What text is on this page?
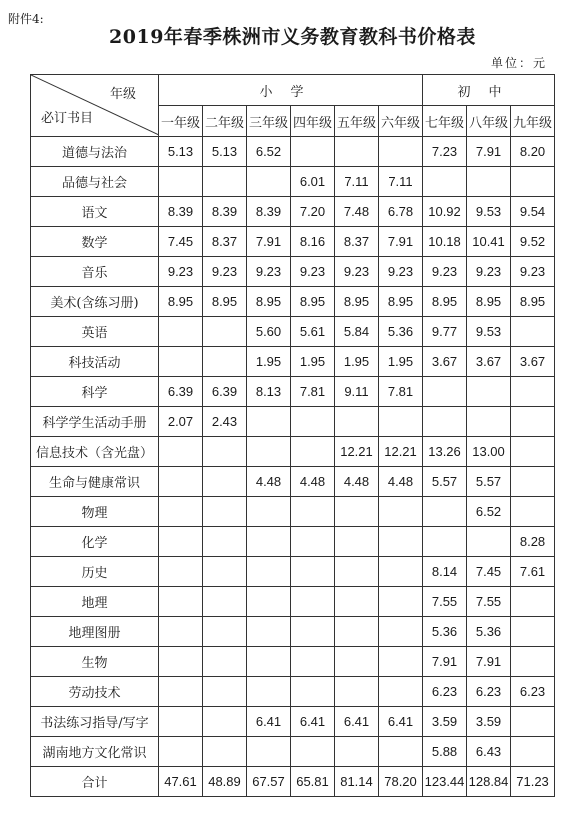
附件4:
2019年春季株洲市义务教育教科书价格表
单位：元
年级
必订书目	小学						初中		
	一年级	二年级	三年级	四年级	五年级	六年级	七年级	八年级	九年级
道德与法治	5.13	5.13	6.52				7.23	7.91	8.20
品德与社会				6.01	7.11	7.11			
语文	8.39	8.39	8.39	7.20	7.48	6.78	10.92	9.53	9.54
数学	7.45	8.37	7.91	8.16	8.37	7.91	10.18	10.41	9.52
音乐	9.23	9.23	9.23	9.23	9.23	9.23	9.23	9.23	9.23
美术(含练习册)	8.95	8.95	8.95	8.95	8.95	8.95	8.95	8.95	8.95
英语			5.60	5.61	5.84	5.36	9.77	9.53	
科技活动			1.95	1.95	1.95	1.95	3.67	3.67	3.67
科学	6.39	6.39	8.13	7.81	9.11	7.81			
科学学生活动手册	2.07	2.43							
信息技术（含光盘）					12.21	12.21	13.26	13.00	
生命与健康常识			4.48	4.48	4.48	4.48	5.57	5.57	
物理								6.52	
化学									8.28
历史							8.14	7.45	7.61
地理							7.55	7.55	
地理图册							5.36	5.36	
生物							7.91	7.91	
劳动技术							6.23	6.23	6.23
书法练习指导/写字			6.41	6.41	6.41	6.41	3.59	3.59	
湖南地方文化常识							5.88	6.43	
合计	47.61	48.89	67.57	65.81	81.14	78.20	123.44	128.84	71.23
